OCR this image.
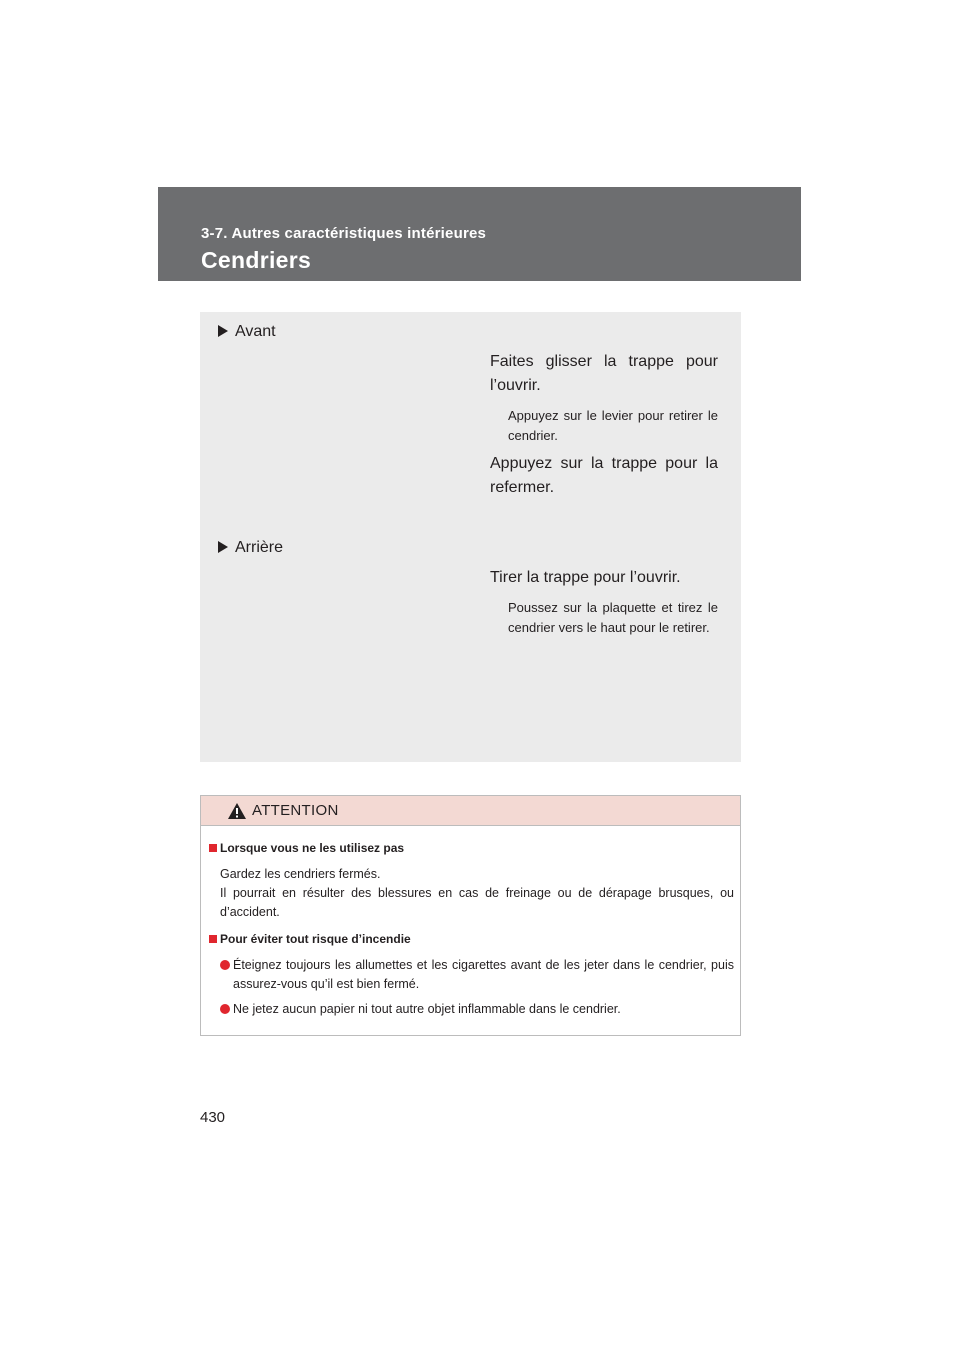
3-7. Autres caractéristiques intérieures
Cendriers
Avant
Faites glisser la trappe pour l’ouvrir.
Appuyez sur le levier pour retirer le cendrier.
Appuyez sur la trappe pour la refermer.
Arrière
Tirer la trappe pour l’ouvrir.
Poussez sur la plaquette et tirez le cendrier vers le haut pour le retirer.
ATTENTION
Lorsque vous ne les utilisez pas
Gardez les cendriers fermés.
Il pourrait en résulter des blessures en cas de freinage ou de dérapage brusques, ou d’accident.
Pour éviter tout risque d’incendie
Éteignez toujours les allumettes et les cigarettes avant de les jeter dans le cendrier, puis assurez-vous qu’il est bien fermé.
Ne jetez aucun papier ni tout autre objet inflammable dans le cendrier.
430
